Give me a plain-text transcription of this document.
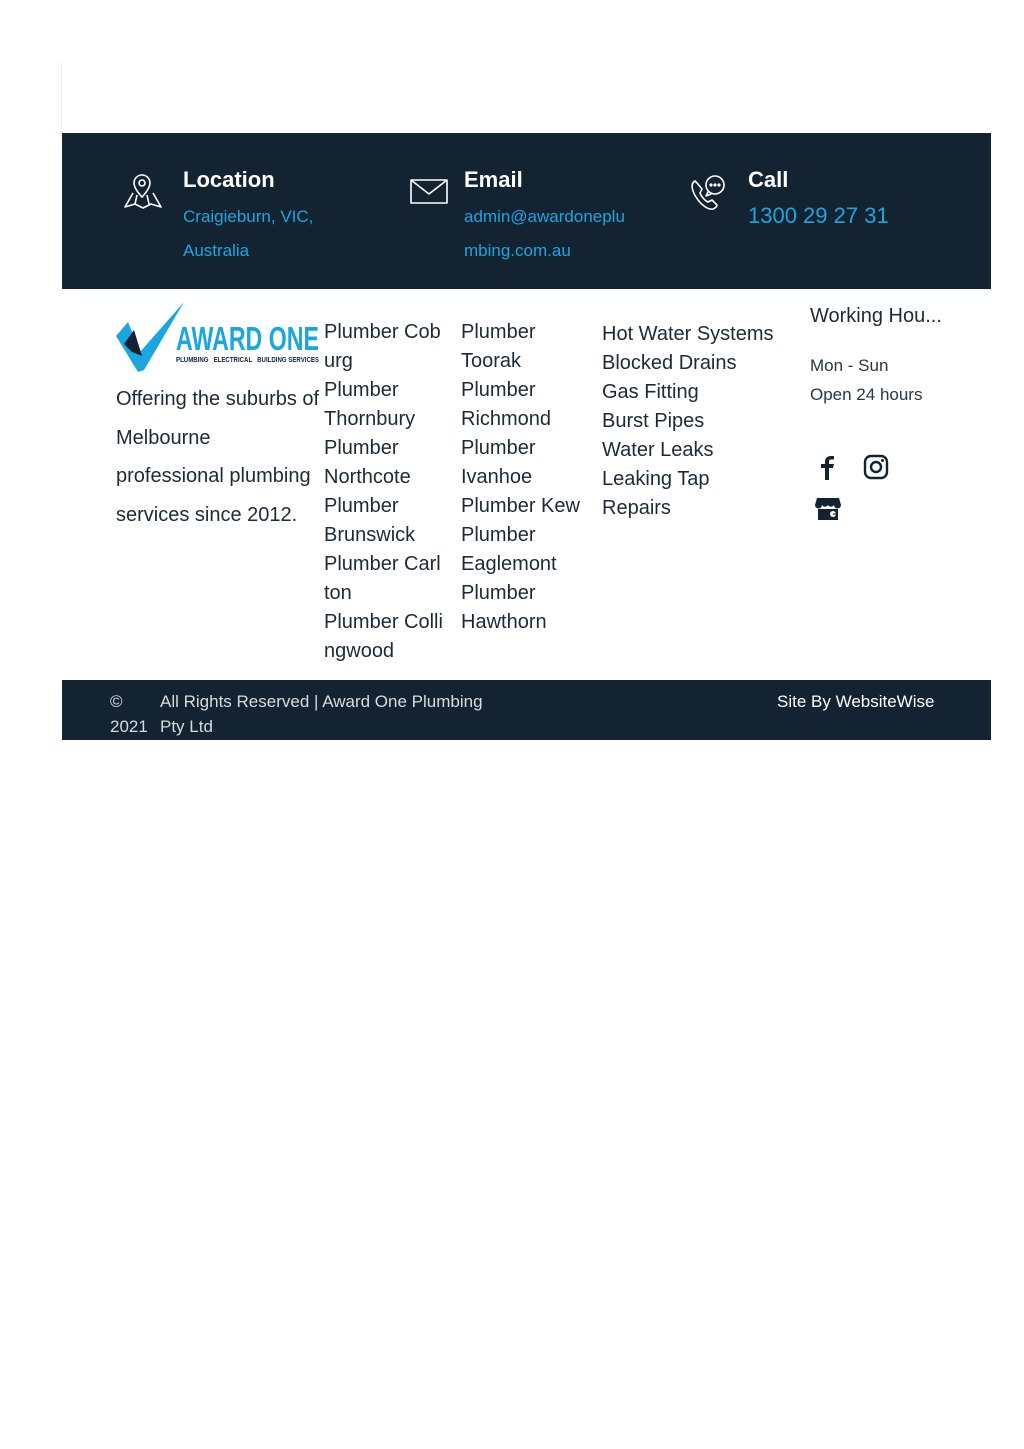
Location
Craigieburn, VIC,
Australia
Email
admin@awardoneplu
mbing.com.au
Call
1300 29 27 31
AWARD ONE
PLUMBING   ELECTRICAL   BUILDING SERVICES
Offering the suburbs of Melbourne professional plumbing services since 2012.
Plumber Cob
urg
Plumber
Thornbury
Plumber
Northcote
Plumber
Brunswick
Plumber Carl
ton
Plumber Colli
ngwood
Plumber
Toorak
Plumber
Richmond
Plumber
Ivanhoe
Plumber Kew
Plumber
Eaglemont
Plumber
Hawthorn
Hot Water Systems
Blocked Drains
Gas Fitting
Burst Pipes
Water Leaks
Leaking Tap
Repairs
Working Hou...
Mon - Sun
Open 24 hours
©
2021
All Rights Reserved | Award One Plumbing
Pty Ltd
Site By WebsiteWise
